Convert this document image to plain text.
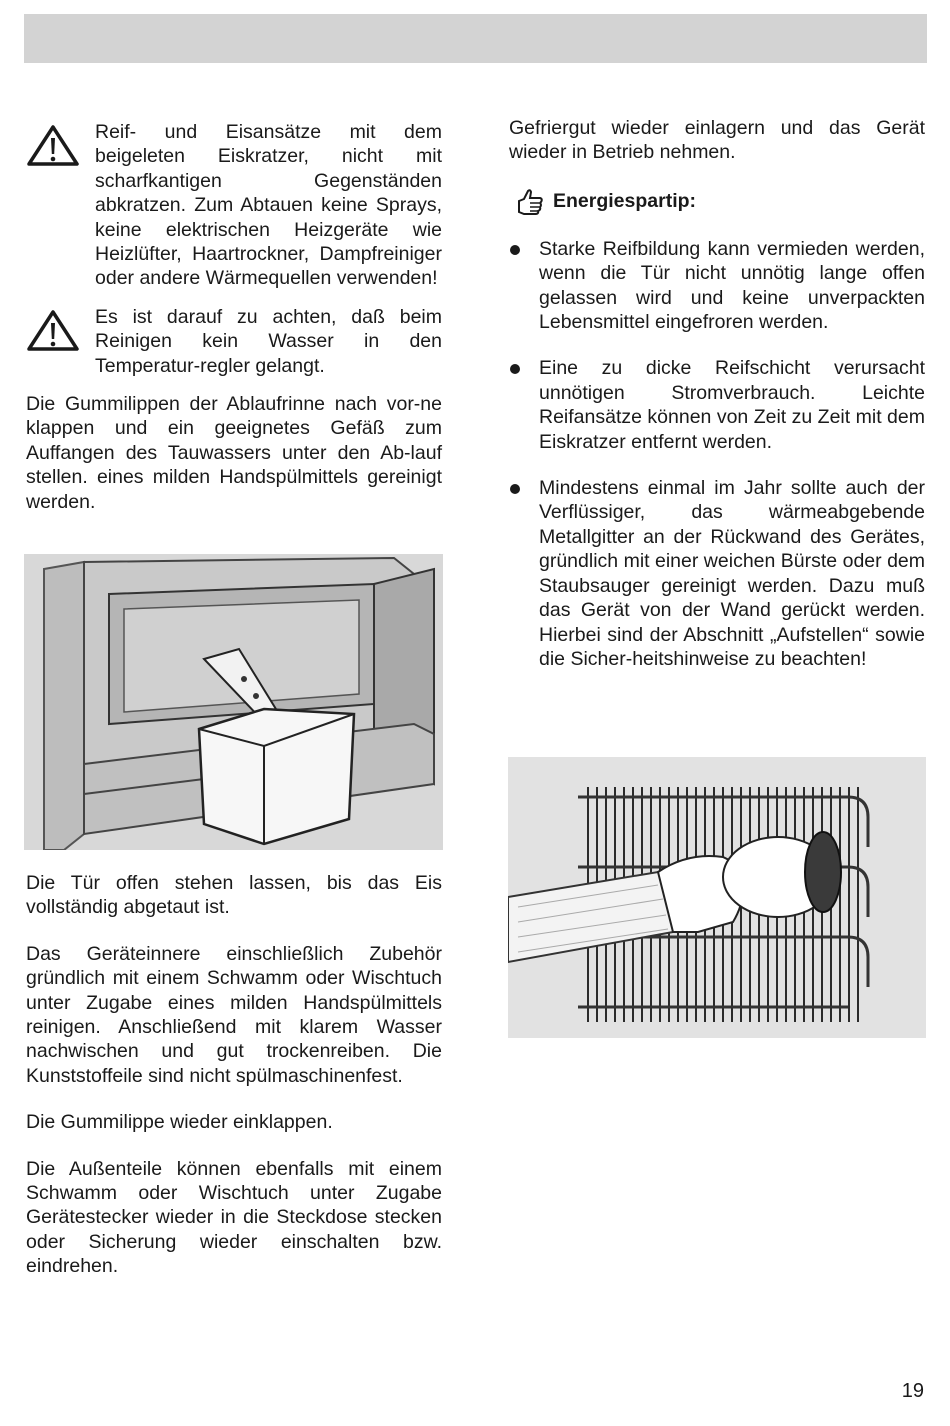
Reif- und Eisansätze mit dem beigeleten Eiskratzer, nicht mit scharfkantigen Gegenständen abkratzen. Zum Abtauen keine Sprays, keine elektrischen Heizgeräte wie Heizlüfter, Haartrockner, Dampfreiniger oder andere Wärmequellen verwenden!

Es ist darauf zu achten, daß beim Reinigen kein Wasser in den Temperatur-regler gelangt.

Die Gummilippen der Ablaufrinne nach vor-ne klappen und ein geeignetes Gefäß zum Auffangen des Tauwassers unter den Ab-lauf stellen. eines milden Handspülmittels gereinigt werden.

Die Tür offen stehen lassen, bis das Eis vollständig abgetaut ist.

Das Geräteinnere einschließlich Zubehör gründlich mit einem Schwamm oder Wischtuch unter Zugabe eines milden Handspülmittels reinigen. Anschließend mit klarem Wasser nachwischen und gut trockenreiben. Die Kunststoffeile sind nicht spülmaschinenfest.

Die Gummilippe wieder einklappen.

Die Außenteile können ebenfalls mit einem Schwamm oder Wischtuch unter Zugabe Gerätestecker wieder in die Steckdose stecken oder Sicherung wieder einschalten bzw. eindrehen.

Gefriergut wieder einlagern und das Gerät wieder in Betrieb nehmen.

Energiespartip:

Starke Reifbildung kann vermieden werden, wenn die Tür nicht unnötig lange offen gelassen wird und keine unverpackten Lebensmittel eingefroren werden.

Eine zu dicke Reifschicht verursacht unnötigen Stromverbrauch. Leichte Reifansätze können von Zeit zu Zeit mit dem Eiskratzer entfernt werden.

Mindestens einmal im Jahr sollte auch der Verflüssiger, das wärmeabgebende Metallgitter an der Rückwand des Gerätes, gründlich mit einer weichen Bürste oder dem Staubsauger gereinigt werden. Dazu muß das Gerät von der Wand gerückt werden. Hierbei sind der Abschnitt „Aufstellen“ sowie die Sicher-heitshinweise zu beachten!

19
